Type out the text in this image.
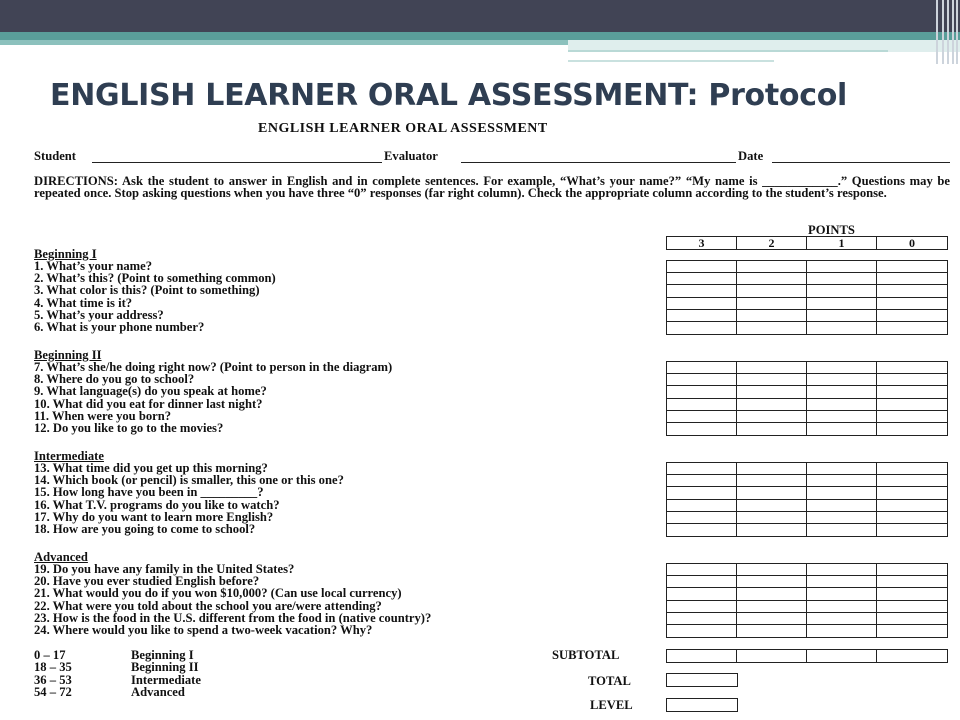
ENGLISH LEARNER ORAL ASSESSMENT: Protocol
ENGLISH LEARNER ORAL ASSESSMENT
Student	Evaluator	Date
DIRECTIONS: Ask the student to answer in English and in complete sentences. For example, “What’s your name?” “My name is ____________.” Questions may be repeated once. Stop asking questions when you have three “0” responses (far right column). Check the appropriate column according to the student’s response.
POINTS
3	2	1	0
Beginning I
1. What’s your name?
2. What’s this? (Point to something common)
3. What color is this? (Point to something)
4. What time is it?
5. What’s your address?
6. What is your phone number?
Beginning II
7. What’s she/he doing right now? (Point to person in the diagram)
8. Where do you go to school?
9. What language(s) do you speak at home?
10. What did you eat for dinner last night?
11. When were you born?
12. Do you like to go to the movies?
Intermediate
13. What time did you get up this morning?
14. Which book (or pencil) is smaller, this one or this one?
15. How long have you been in _________?
16. What T.V. programs do you like to watch?
17. Why do you want to learn more English?
18. How are you going to come to school?
Advanced
19. Do you have any family in the United States?
20. Have you ever studied English before?
21. What would you do if you won $10,000? (Can use local currency)
22. What were you told about the school you are/were attending?
23. How is the food in the U.S. different from the food in (native country)?
24. Where would you like to spend a two-week vacation? Why?
0 – 17	Beginning I
18 – 35	Beginning II
36 – 53	Intermediate
54 – 72	Advanced
SUBTOTAL
TOTAL
LEVEL
